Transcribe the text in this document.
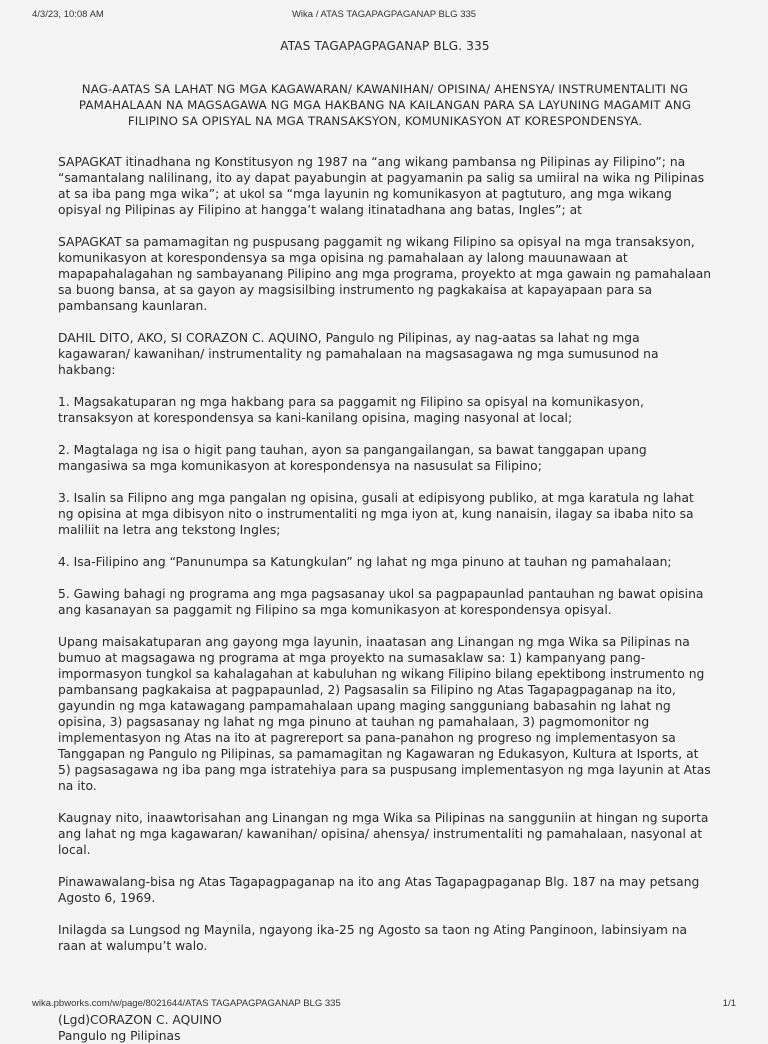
4/3/23, 10:08 AM	Wika / ATAS TAGAPAGPAGANAP BLG 335
ATAS TAGAPAGPAGANAP BLG. 335
NAG-AATAS SA LAHAT NG MGA KAGAWARAN/ KAWANIHAN/ OPISINA/ AHENSYA/ INSTRUMENTALITI NG PAMAHALAAN NA MAGSAGAWA NG MGA HAKBANG NA KAILANGAN PARA SA LAYUNING MAGAMIT ANG FILIPINO SA OPISYAL NA MGA TRANSAKSYON, KOMUNIKASYON AT KORESPONDENSYA.

SAPAGKAT itinadhana ng Konstitusyon ng 1987 na “ang wikang pambansa ng Pilipinas ay Filipino”; na “samantalang nalilinang, ito ay dapat payabungin at pagyamanin pa salig sa umiiral na wika ng Pilipinas at sa iba pang mga wika”; at ukol sa “mga layunin ng komunikasyon at pagtuturo, ang mga wikang opisyal ng Pilipinas ay Filipino at hangga’t walang itinatadhana ang batas, Ingles”; at

SAPAGKAT sa pamamagitan ng puspusang paggamit ng wikang Filipino sa opisyal na mga transaksyon, komunikasyon at korespondensya sa mga opisina ng pamahalaan ay lalong mauunawaan at mapapahalagahan ng sambayanang Pilipino ang mga programa, proyekto at mga gawain ng pamahalaan sa buong bansa, at sa gayon ay magsisilbing instrumento ng pagkakaisa at kapayapaan para sa pambansang kaunlaran.

DAHIL DITO, AKO, SI CORAZON C. AQUINO, Pangulo ng Pilipinas, ay nag-aatas sa lahat ng mga kagawaran/ kawanihan/ instrumentality ng pamahalaan na magsasagawa ng mga sumusunod na hakbang:

1. Magsakatuparan ng mga hakbang para sa paggamit ng Filipino sa opisyal na komunikasyon, transaksyon at korespondensya sa kani-kanilang opisina, maging nasyonal at local;

2. Magtalaga ng isa o higit pang tauhan, ayon sa pangangailangan, sa bawat tanggapan upang mangasiwa sa mga komunikasyon at korespondensya na nasusulat sa Filipino;

3. Isalin sa Filipno ang mga pangalan ng opisina, gusali at edipisyong publiko, at mga karatula ng lahat ng opisina at mga dibisyon nito o instrumentaliti ng mga iyon at, kung nanaisin, ilagay sa ibaba nito sa maliliit na letra ang tekstong Ingles;

4. Isa-Filipino ang “Panunumpa sa Katungkulan” ng lahat ng mga pinuno at tauhan ng pamahalaan;

5. Gawing bahagi ng programa ang mga pagsasanay ukol sa pagpapaunlad pantauhan ng bawat opisina ang kasanayan sa paggamit ng Filipino sa mga komunikasyon at korespondensya opisyal.

Upang maisakatuparan ang gayong mga layunin, inaatasan ang Linangan ng mga Wika sa Pilipinas na bumuo at magsagawa ng programa at mga proyekto na sumasaklaw sa: 1) kampanyang pang-impormasyon tungkol sa kahalagahan at kabuluhan ng wikang Filipino bilang epektibong instrumento ng pambansang pagkakaisa at pagpapaunlad, 2) Pagsasalin sa Filipino ng Atas Tagapagpaganap na ito, gayundin ng mga katawagang pampamahalaan upang maging sangguniang babasahin ng lahat ng opisina, 3) pagsasanay ng lahat ng mga pinuno at tauhan ng pamahalaan, 3) pagmomonitor ng implementasyon ng Atas na ito at pagrereport sa pana-panahon ng progreso ng implementasyon sa Tanggapan ng Pangulo ng Pilipinas, sa pamamagitan ng Kagawaran ng Edukasyon, Kultura at Isports, at 5) pagsasagawa ng iba pang mga istratehiya para sa puspusang implementasyon ng mga layunin at Atas na ito.

Kaugnay nito, inaawtorisahan ang Linangan ng mga Wika sa Pilipinas na sangguniin at hingan ng suporta ang lahat ng mga kagawaran/ kawanihan/ opisina/ ahensya/ instrumentaliti ng pamahalaan, nasyonal at local.

Pinawawalang-bisa ng Atas Tagapagpaganap na ito ang Atas Tagapagpaganap Blg. 187 na may petsang Agosto 6, 1969.

Inilagda sa Lungsod ng Maynila, ngayong ika-25 ng Agosto sa taon ng Ating Panginoon, labinsiyam na raan at walumpu’t walo.

(Lgd)CORAZON C. AQUINO
Pangulo ng Pilipinas
wika.pbworks.com/w/page/8021644/ATAS TAGAPAGPAGANAP BLG 335	1/1
